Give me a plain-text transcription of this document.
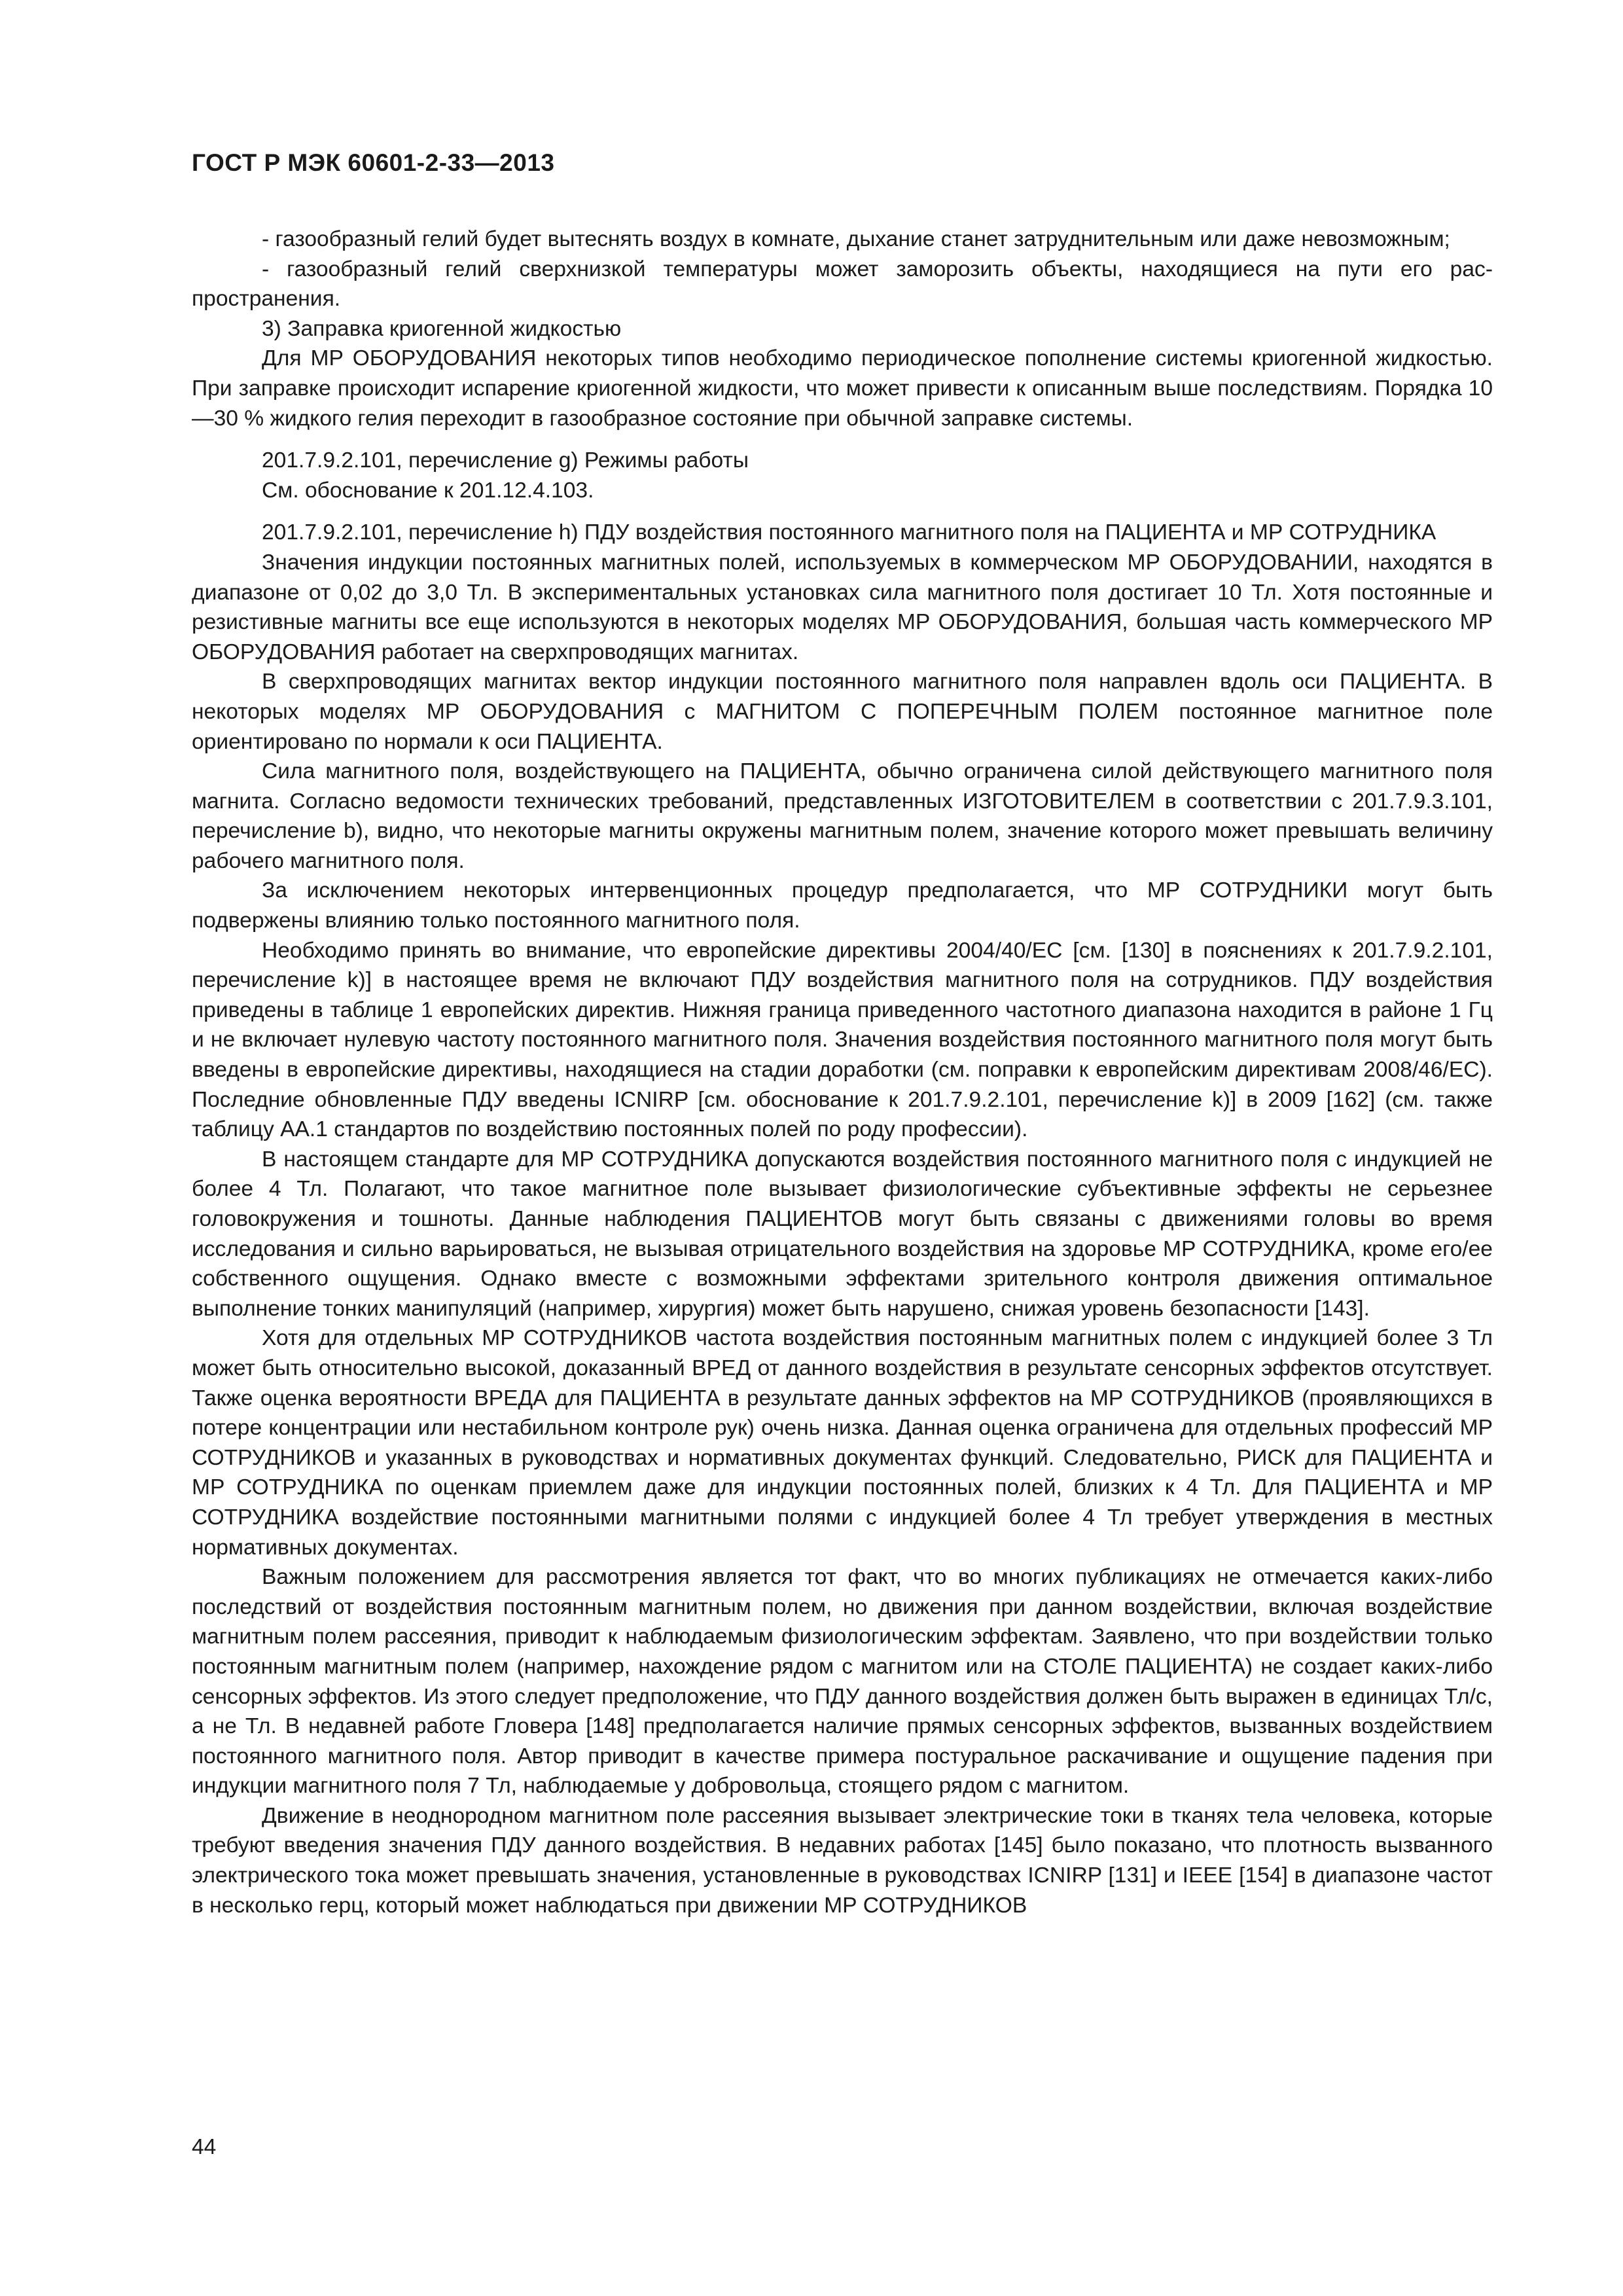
ГОСТ Р МЭК 60601-2-33—2013

- газообразный гелий будет вытеснять воздух в комнате, дыхание станет затруднительным или даже невозможным;

- газообразный гелий сверхнизкой температуры может заморозить объекты, находящиеся на пути его распространения.

3) Заправка криогенной жидкостью

Для МР ОБОРУДОВАНИЯ некоторых типов необходимо периодическое пополнение системы криогенной жидкостью. При заправке происходит испарение криогенной жидкости, что может привести к описанным выше последствиям. Порядка 10—30 % жидкого гелия переходит в газообразное состояние при обычной заправке системы.

201.7.9.2.101, перечисление g) Режимы работы

См. обоснование к 201.12.4.103.

201.7.9.2.101, перечисление h) ПДУ воздействия постоянного магнитного поля на ПАЦИЕНТА и МР СОТРУДНИКА

Значения индукции постоянных магнитных полей, используемых в коммерческом МР ОБОРУДОВАНИИ, находятся в диапазоне от 0,02 до 3,0 Тл. В экспериментальных установках сила магнитного поля достигает 10 Тл. Хотя постоянные и резистивные магниты все еще используются в некоторых моделях МР ОБОРУДОВАНИЯ, большая часть коммерческого МР ОБОРУДОВАНИЯ работает на сверхпроводящих магнитах.

В сверхпроводящих магнитах вектор индукции постоянного магнитного поля направлен вдоль оси ПАЦИЕНТА. В некоторых моделях МР ОБОРУДОВАНИЯ с МАГНИТОМ С ПОПЕРЕЧНЫМ ПОЛЕМ постоянное магнитное поле ориентировано по нормали к оси ПАЦИЕНТА.

Сила магнитного поля, воздействующего на ПАЦИЕНТА, обычно ограничена силой действующего магнитного поля магнита. Согласно ведомости технических требований, представленных ИЗГОТОВИТЕЛЕМ в соответствии с 201.7.9.3.101, перечисление b), видно, что некоторые магниты окружены магнитным полем, значение которого может превышать величину рабочего магнитного поля.

За исключением некоторых интервенционных процедур предполагается, что МР СОТРУДНИКИ могут быть подвержены влиянию только постоянного магнитного поля.

Необходимо принять во внимание, что европейские директивы 2004/40/ЕС [см. [130] в пояснениях к 201.7.9.2.101, перечисление k)] в настоящее время не включают ПДУ воздействия магнитного поля на сотрудников. ПДУ воздействия приведены в таблице 1 европейских директив. Нижняя граница приведенного частотного диапазона находится в районе 1 Гц и не включает нулевую частоту постоянного магнитного поля. Значения воздействия постоянного магнитного поля могут быть введены в европейские директивы, находящиеся на стадии доработки (см. поправки к европейским директивам 2008/46/ЕС). Последние обновленные ПДУ введены ICNIRP [см. обоснование к 201.7.9.2.101, перечисление k)] в 2009 [162] (см. также таблицу АА.1 стандартов по воздействию постоянных полей по роду профессии).

В настоящем стандарте для МР СОТРУДНИКА допускаются воздействия постоянного магнитного поля с индукцией не более 4 Тл. Полагают, что такое магнитное поле вызывает физиологические субъективные эффекты не серьезнее головокружения и тошноты. Данные наблюдения ПАЦИЕНТОВ могут быть связаны с движениями головы во время исследования и сильно варьироваться, не вызывая отрицательного воздействия на здоровье МР СОТРУДНИКА, кроме его/ее собственного ощущения. Однако вместе с возможными эффектами зрительного контроля движения оптимальное выполнение тонких манипуляций (например, хирургия) может быть нарушено, снижая уровень безопасности [143].

Хотя для отдельных МР СОТРУДНИКОВ частота воздействия постоянным магнитных полем с индукцией более 3 Тл может быть относительно высокой, доказанный ВРЕД от данного воздействия в результате сенсорных эффектов отсутствует. Также оценка вероятности ВРЕДА для ПАЦИЕНТА в результате данных эффектов на МР СОТРУДНИКОВ (проявляющихся в потере концентрации или нестабильном контроле рук) очень низка. Данная оценка ограничена для отдельных профессий МР СОТРУДНИКОВ и указанных в руководствах и нормативных документах функций. Следовательно, РИСК для ПАЦИЕНТА и МР СОТРУДНИКА по оценкам приемлем даже для индукции постоянных полей, близких к 4 Тл. Для ПАЦИЕНТА и МР СОТРУДНИКА воздействие постоянными магнитными полями с индукцией более 4 Тл требует утверждения в местных нормативных документах.

Важным положением для рассмотрения является тот факт, что во многих публикациях не отмечается каких-либо последствий от воздействия постоянным магнитным полем, но движения при данном воздействии, включая воздействие магнитным полем рассеяния, приводит к наблюдаемым физиологическим эффектам. Заявлено, что при воздействии только постоянным магнитным полем (например, нахождение рядом с магнитом или на СТОЛЕ ПАЦИЕНТА) не создает каких-либо сенсорных эффектов. Из этого следует предположение, что ПДУ данного воздействия должен быть выражен в единицах Тл/с, а не Тл. В недавней работе Гловера [148] предполагается наличие прямых сенсорных эффектов, вызванных воздействием постоянного магнитного поля. Автор приводит в качестве примера постуральное раскачивание и ощущение падения при индукции магнитного поля 7 Тл, наблюдаемые у добровольца, стоящего рядом с магнитом.

Движение в неоднородном магнитном поле рассеяния вызывает электрические токи в тканях тела человека, которые требуют введения значения ПДУ данного воздействия. В недавних работах [145] было показано, что плотность вызванного электрического тока может превышать значения, установленные в руководствах ICNIRP [131] и IEEE [154] в диапазоне частот в несколько герц, который может наблюдаться при движении МР СОТРУДНИКОВ

44
